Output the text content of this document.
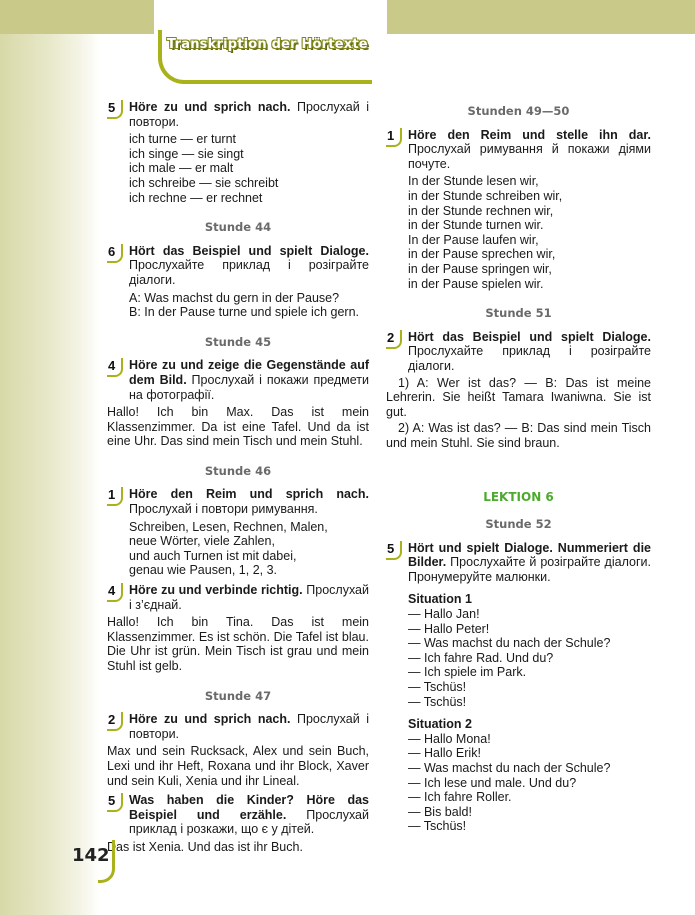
Transkription der Hörtexte
5	Höre zu und sprich nach. Прослухай і повтори.
ich turne — er turnt
ich singe — sie singt
ich male — er malt
ich schreibe — sie schreibt
ich rechne — er rechnet
Stunde 44
6	Hört das Beispiel und spielt Dialoge. Прослухайте приклад і розіграйте діалоги.
A: Was machst du gern in der Pause?
B: In der Pause turne und spiele ich gern.
Stunde 45
4	Höre zu und zeige die Gegenstände auf dem Bild. Прослухай і покажи предмети на фотографії.
Hallo! Ich bin Max. Das ist mein Klassenzimmer. Da ist eine Tafel. Und da ist eine Uhr. Das sind mein Tisch und mein Stuhl.
Stunde 46
1	Höre den Reim und sprich nach. Прослухай і повтори римування.
Schreiben, Lesen, Rechnen, Malen,
neue Wörter, viele Zahlen,
und auch Turnen ist mit dabei,
genau wie Pausen, 1, 2, 3.
4	Höre zu und verbinde richtig. Прослухай і з’єднай.
Hallo! Ich bin Tina. Das ist mein Klassenzimmer. Es ist schön. Die Tafel ist blau. Die Uhr ist grün. Mein Tisch ist grau und mein Stuhl ist gelb.
Stunde 47
2	Höre zu und sprich nach. Прослухай і повтори.
Max und sein Rucksack, Alex und sein Buch, Lexi und ihr Heft, Roxana und ihr Block, Xaver und sein Kuli, Xenia und ihr Lineal.
5	Was haben die Kinder? Höre das Beispiel und erzähle. Прослухай приклад і розкажи, що є у дітей.
Das ist Xenia. Und das ist ihr Buch.
Stunden 49—50
1	Höre den Reim und stelle ihn dar. Прослухай римування й покажи діями почуте.
In der Stunde lesen wir,
in der Stunde schreiben wir,
in der Stunde rechnen wir,
in der Stunde turnen wir.
In der Pause laufen wir,
in der Pause sprechen wir,
in der Pause springen wir,
in der Pause spielen wir.
Stunde 51
2	Hört das Beispiel und spielt Dialoge. Прослухайте приклад і розіграйте діалоги.
1) A: Wer ist das? — B: Das ist meine Lehrerin. Sie heißt Tamara Iwaniwna. Sie ist gut.
2) A: Was ist das? — B: Das sind mein Tisch und mein Stuhl. Sie sind braun.
LEKTION 6
Stunde 52
5	Hört und spielt Dialoge. Nummeriert die Bilder. Прослухайте й розіграйте діалоги. Пронумеруйте малюнки.
Situation 1
— Hallo Jan!
— Hallo Peter!
— Was machst du nach der Schule?
— Ich fahre Rad. Und du?
— Ich spiele im Park.
— Tschüs!
— Tschüs!
Situation 2
— Hallo Mona!
— Hallo Erik!
— Was machst du nach der Schule?
— Ich lese und male. Und du?
— Ich fahre Roller.
— Bis bald!
— Tschüs!
142
